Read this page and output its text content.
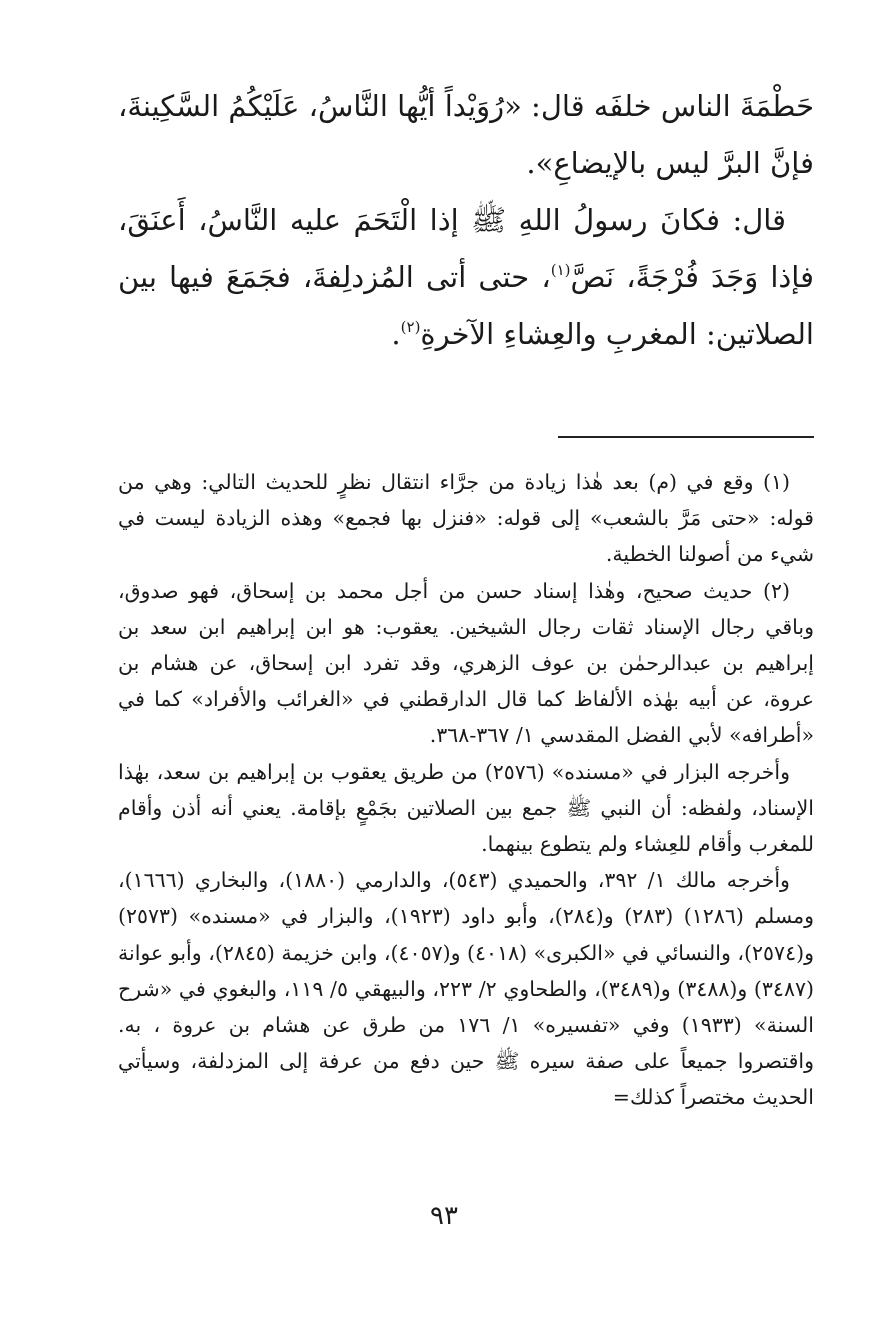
حَطْمَةَ الناس خلفَه قال: «رُوَيْداً أيُّها النَّاسُ، عَلَيْكُمُ السَّكِينةَ، فإنَّ البرَّ ليس بالإيضاعِ».

قال: فكانَ رسولُ اللهِ ﷺ إذا الْتَحَمَ عليه النَّاسُ، أَعنَقَ، فإذا وَجَدَ فُرْجَةً، نَصَّ$^{(١)}$، حتى أتى المُزدلِفةَ، فجَمَعَ فيها بين الصلاتين: المغربِ والعِشاءِ الآخرةِ$^{(٢)}$.

(١) وقع في (م) بعد هٰذا زيادة من جرَّاء انتقال نظرٍ للحديث التالي: وهي من قوله: «حتى مَرَّ بالشعب» إلى قوله: «فنزل بها فجمع» وهذه الزيادة ليست في شيء من أصولنا الخطية.

(٢) حديث صحيح، وهٰذا إسناد حسن من أجل محمد بن إسحاق، فهو صدوق، وباقي رجال الإسناد ثقات رجال الشيخين. يعقوب: هو ابن إبراهيم ابن سعد بن إبراهيم بن عبدالرحمٰن بن عوف الزهري، وقد تفرد ابن إسحاق، عن هشام بن عروة، عن أبيه بهٰذه الألفاظ كما قال الدارقطني في «الغرائب والأفراد» كما في «أطرافه» لأبي الفضل المقدسي ١/ ٣٦٧-٣٦٨.

وأخرجه البزار في «مسنده» (٢٥٧٦) من طريق يعقوب بن إبراهيم بن سعد، بهٰذا الإسناد، ولفظه: أن النبي ﷺ جمع بين الصلاتين بجَمْعٍ بإقامة. يعني أنه أذن وأقام للمغرب وأقام للعِشاء ولم يتطوع بينهما.

وأخرجه مالك ١/ ٣٩٢، والحميدي (٥٤٣)، والدارمي (١٨٨٠)، والبخاري (١٦٦٦)، ومسلم (١٢٨٦) (٢٨٣) و(٢٨٤)، وأبو داود (١٩٢٣)، والبزار في «مسنده» (٢٥٧٣) و(٢٥٧٤)، والنسائي في «الكبرى» (٤٠١٨) و(٤٠٥٧)، وابن خزيمة (٢٨٤٥)، وأبو عوانة (٣٤٨٧) و(٣٤٨٨) و(٣٤٨٩)، والطحاوي ٢/ ٢٢٣، والبيهقي ٥/ ١١٩، والبغوي في «شرح السنة» (١٩٣٣) وفي «تفسيره» ١/ ١٧٦ من طرق عن هشام بن عروة ، به. واقتصروا جميعاً على صفة سيره ﷺ حين دفع من عرفة إلى المزدلفة، وسيأتي الحديث مختصراً كذلك=

٩٣
